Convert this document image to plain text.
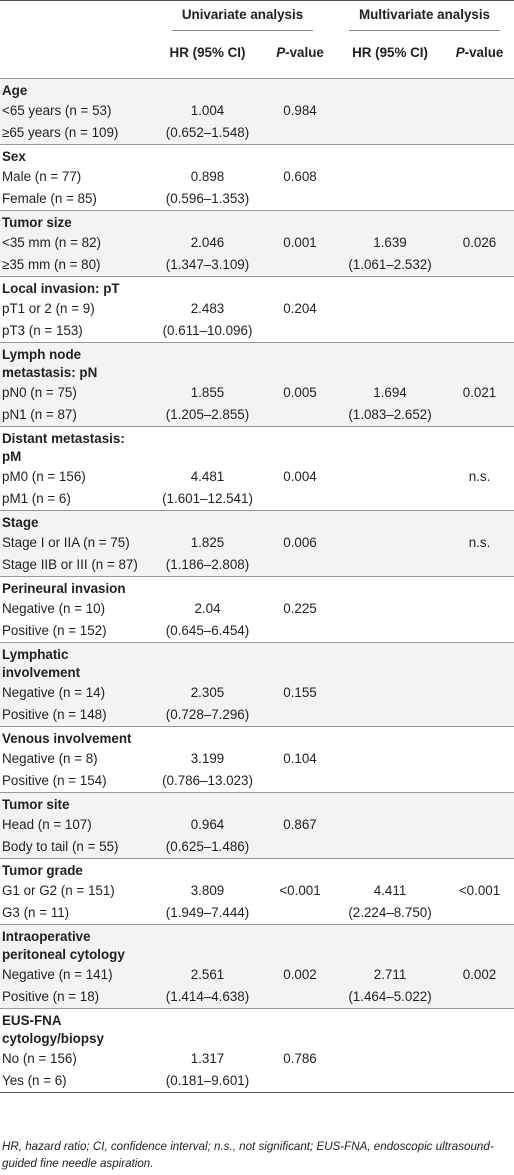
	Univariate analysis		Multivariate analysis	
	HR (95% CI)	P-value	HR (95% CI)	P-value

Age				

<65 years (n = 53)	1.004	0.984		
≥65 years (n = 109)	(0.652–1.548)			

Sex				

Male (n = 77)	0.898	0.608		
Female (n = 85)	(0.596–1.353)			

Tumor size				

<35 mm (n = 82)	2.046	0.001	1.639	0.026
≥35 mm (n = 80)	(1.347–3.109)		(1.061–2.532)	

Local invasion: pT				

pT1 or 2 (n = 9)	2.483	0.204		
pT3 (n = 153)	(0.611–10.096)			

Lymph node
metastasis: pN				

pN0 (n = 75)	1.855	0.005	1.694	0.021
pN1 (n = 87)	(1.205–2.855)		(1.083–2.652)	

Distant metastasis:
pM				

pM0 (n = 156)	4.481	0.004		n.s.
pM1 (n = 6)	(1.601–12.541)			

Stage				

Stage I or IIA (n = 75)	1.825	0.006		n.s.
Stage IIB or III (n = 87)	(1.186–2.808)			

Perineural invasion				

Negative (n = 10)	2.04	0.225		
Positive (n = 152)	(0.645–6.454)			

Lymphatic
involvement				

Negative (n = 14)	2.305	0.155		
Positive (n = 148)	(0.728–7.296)			

Venous involvement				

Negative (n = 8)	3.199	0.104		
Positive (n = 154)	(0.786–13.023)			

Tumor site				

Head (n = 107)	0.964	0.867		
Body to tail (n = 55)	(0.625–1.486)			

Tumor grade				

G1 or G2 (n = 151)	3.809	<0.001	4.411	<0.001
G3 (n = 11)	(1.949–7.444)		(2.224–8.750)	

Intraoperative
peritoneal cytology				

Negative (n = 141)	2.561	0.002	2.711	0.002
Positive (n = 18)	(1.414–4.638)		(1.464–5.022)	

EUS-FNA
cytology/biopsy				

No (n = 156)	1.317	0.786		
Yes (n = 6)	(0.181–9.601)			
HR, hazard ratio; CI, confidence interval; n.s., not significant; EUS-FNA, endoscopic ultrasound-guided fine needle aspiration.
